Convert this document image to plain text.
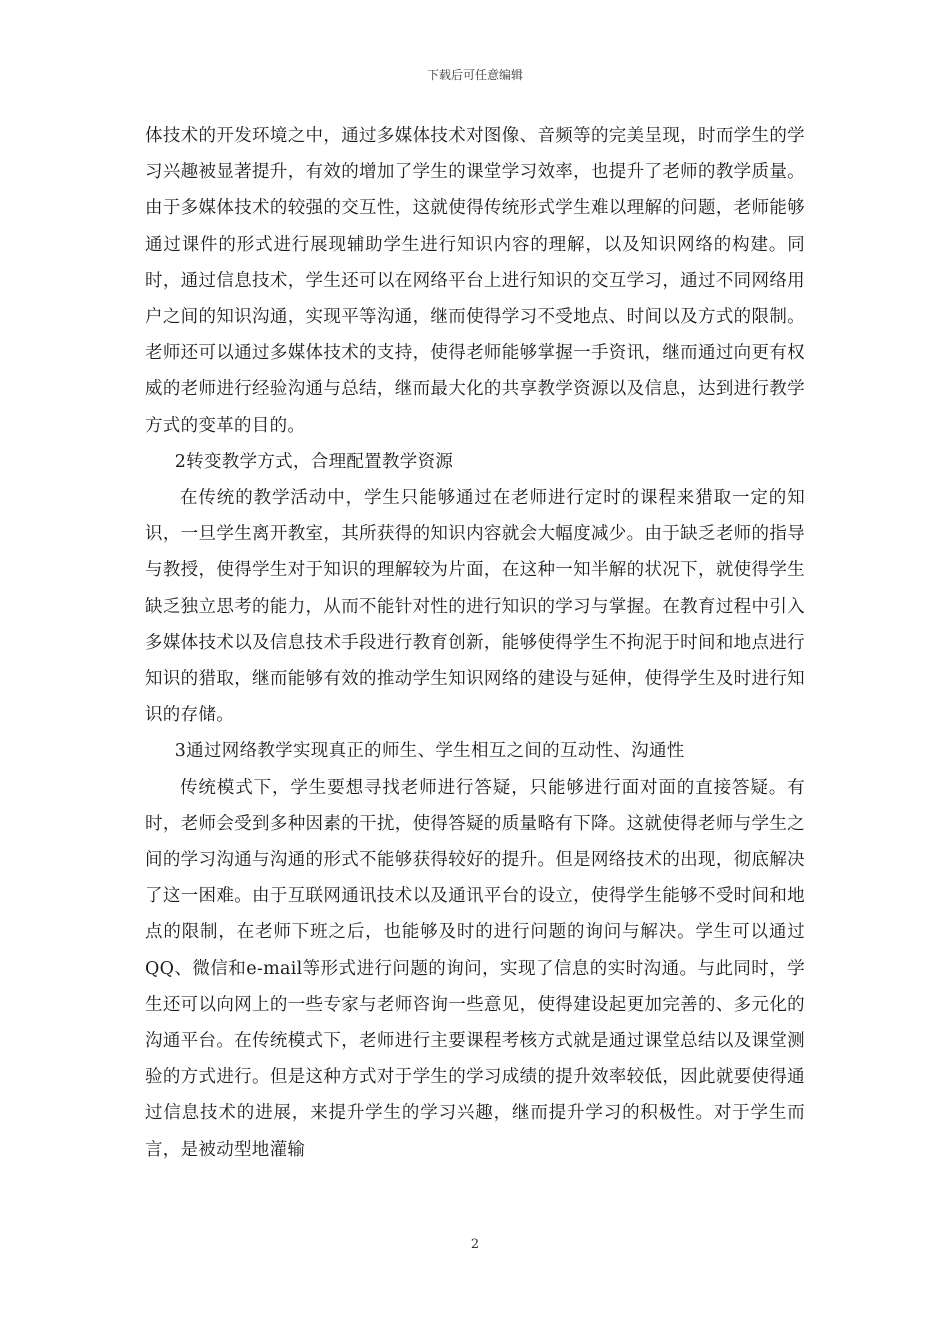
下载后可任意编辑

体技术的开发环境之中，通过多媒体技术对图像、音频等的完美呈现，时而学生的学习兴趣被显著提升，有效的增加了学生的课堂学习效率，也提升了老师的教学质量。由于多媒体技术的较强的交互性，这就使得传统形式学生难以理解的问题，老师能够通过课件的形式进行展现辅助学生进行知识内容的理解，以及知识网络的构建。同时，通过信息技术，学生还可以在网络平台上进行知识的交互学习，通过不同网络用户之间的知识沟通，实现平等沟通，继而使得学习不受地点、时间以及方式的限制。老师还可以通过多媒体技术的支持，使得老师能够掌握一手资讯，继而通过向更有权威的老师进行经验沟通与总结，继而最大化的共享教学资源以及信息，达到进行教学方式的变革的目的。

2转变教学方式，合理配置教学资源

在传统的教学活动中，学生只能够通过在老师进行定时的课程来猎取一定的知识，一旦学生离开教室，其所获得的知识内容就会大幅度减少。由于缺乏老师的指导与教授，使得学生对于知识的理解较为片面，在这种一知半解的状况下，就使得学生缺乏独立思考的能力，从而不能针对性的进行知识的学习与掌握。在教育过程中引入多媒体技术以及信息技术手段进行教育创新，能够使得学生不拘泥于时间和地点进行知识的猎取，继而能够有效的推动学生知识网络的建设与延伸，使得学生及时进行知识的存储。

3通过网络教学实现真正的师生、学生相互之间的互动性、沟通性

传统模式下，学生要想寻找老师进行答疑，只能够进行面对面的直接答疑。有时，老师会受到多种因素的干扰，使得答疑的质量略有下降。这就使得老师与学生之间的学习沟通与沟通的形式不能够获得较好的提升。但是网络技术的出现，彻底解决了这一困难。由于互联网通讯技术以及通讯平台的设立，使得学生能够不受时间和地点的限制，在老师下班之后，也能够及时的进行问题的询问与解决。学生可以通过QQ、微信和e-mail等形式进行问题的询问，实现了信息的实时沟通。与此同时，学生还可以向网上的一些专家与老师咨询一些意见，使得建设起更加完善的、多元化的沟通平台。在传统模式下，老师进行主要课程考核方式就是通过课堂总结以及课堂测验的方式进行。但是这种方式对于学生的学习成绩的提升效率较低，因此就要使得通过信息技术的进展，来提升学生的学习兴趣，继而提升学习的积极性。对于学生而言，是被动型地灌输

2
